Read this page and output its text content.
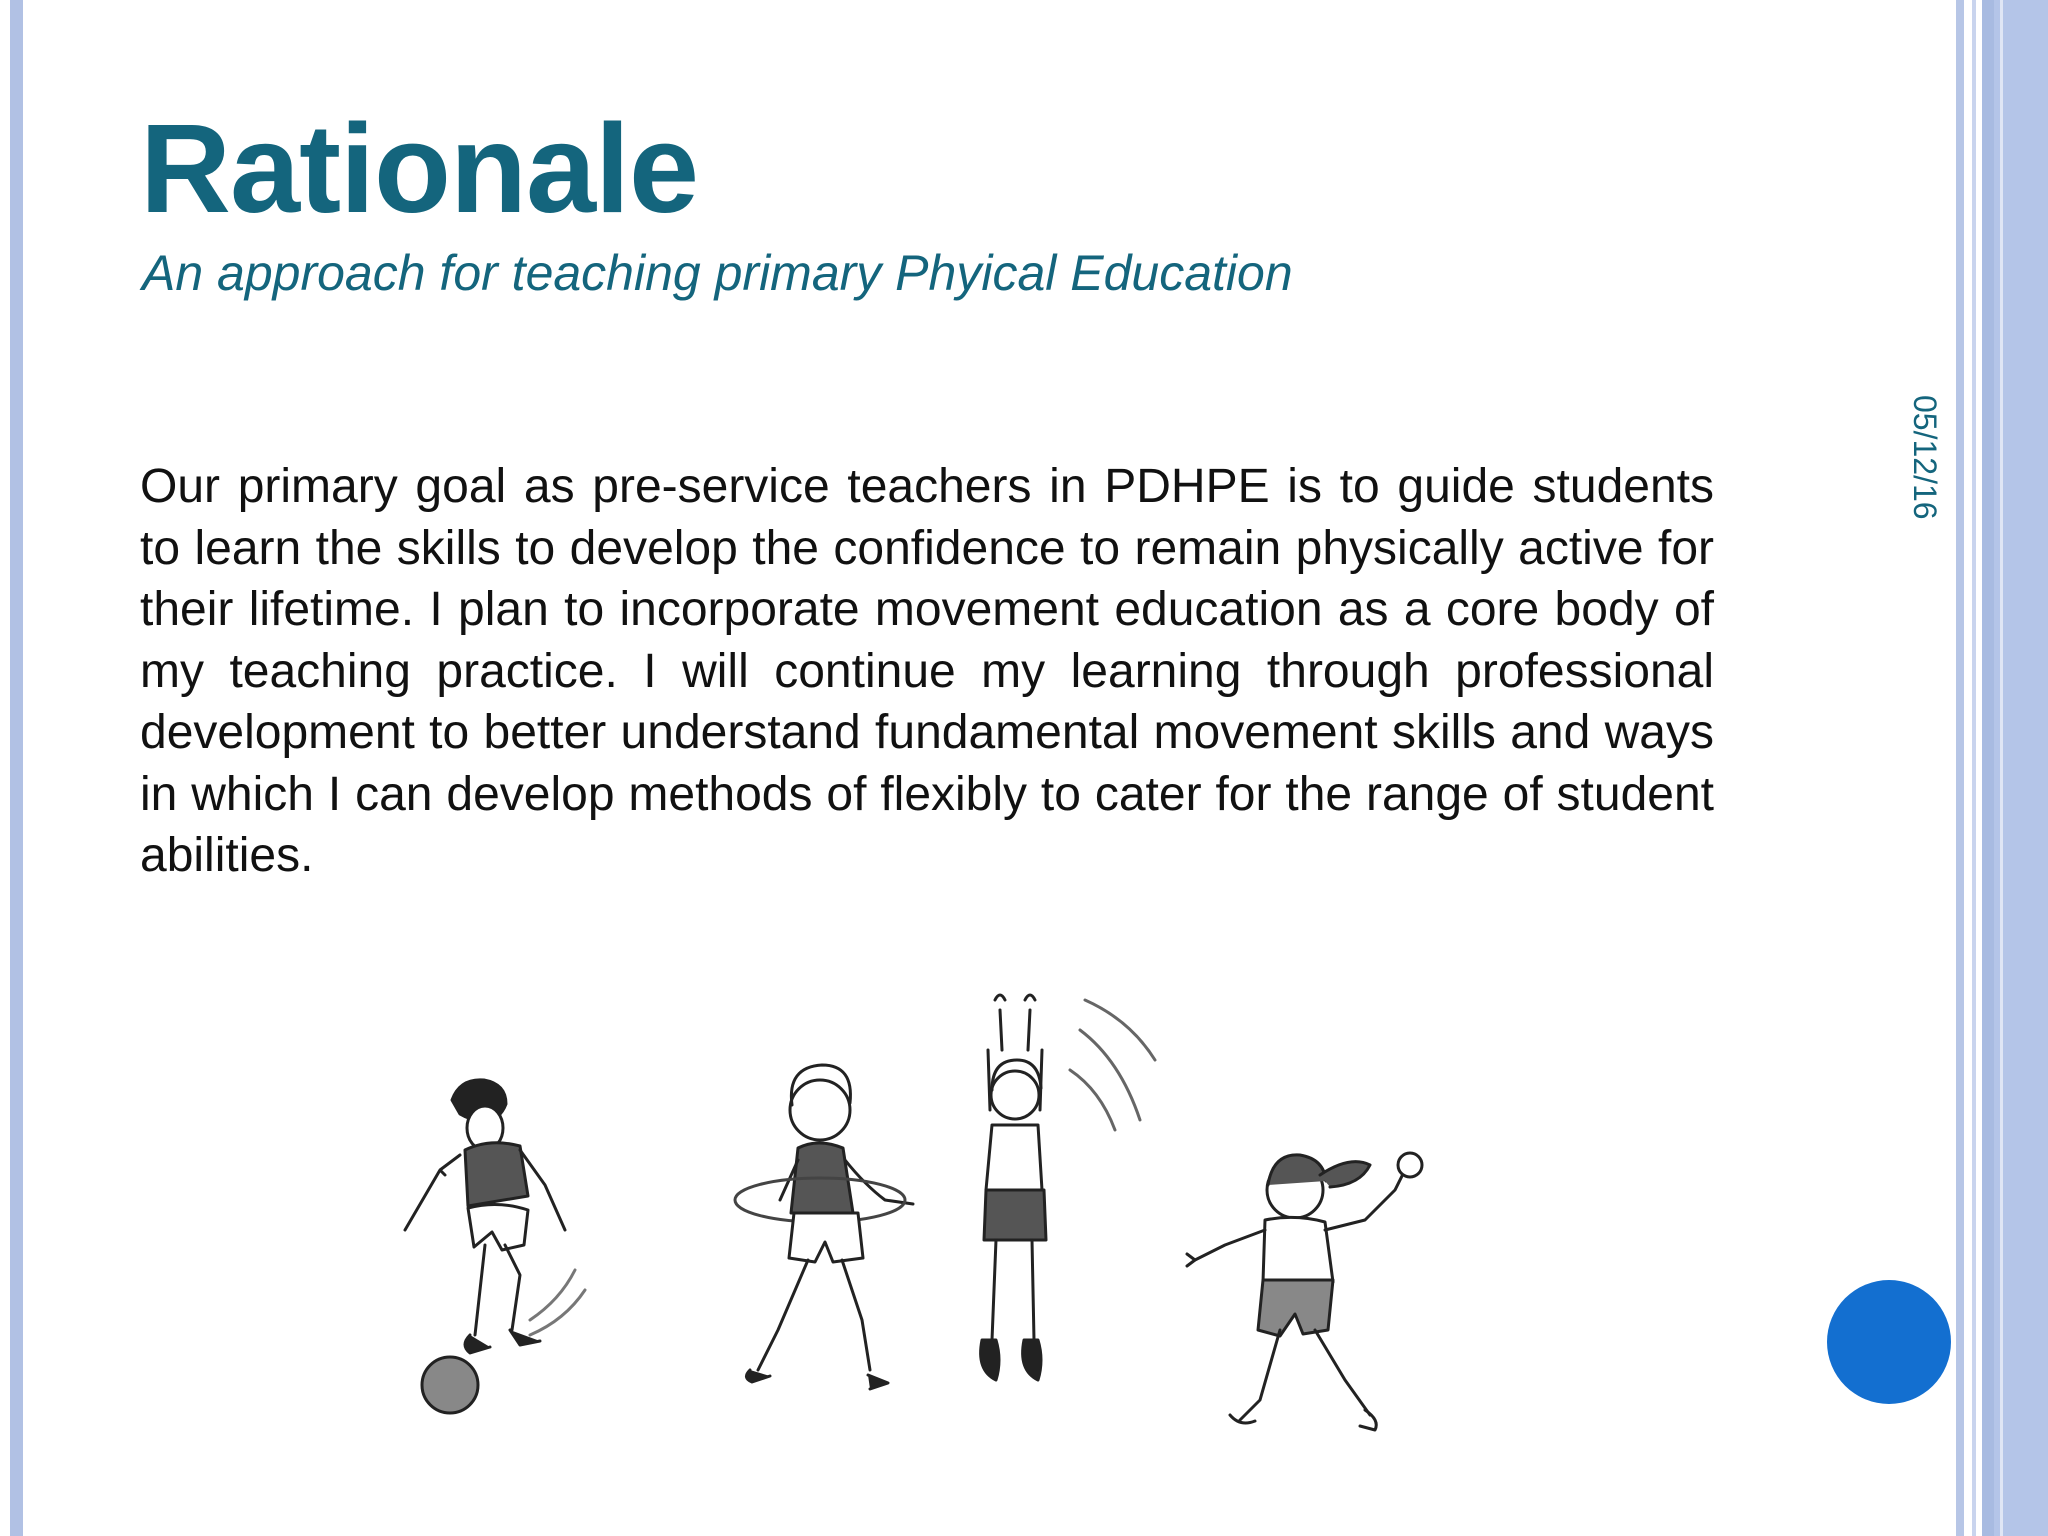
Rationale

An approach for teaching primary Phyical Education

Our primary goal as pre-service teachers in PDHPE is to guide students to learn the skills to develop the confidence to remain physically active for their lifetime. I plan to incorporate movement education as a core body of my teaching practice. I will continue my learning through professional development to better understand fundamental movement skills and ways in which I can develop methods of flexibly to cater for the range of student abilities.

05/12/16
